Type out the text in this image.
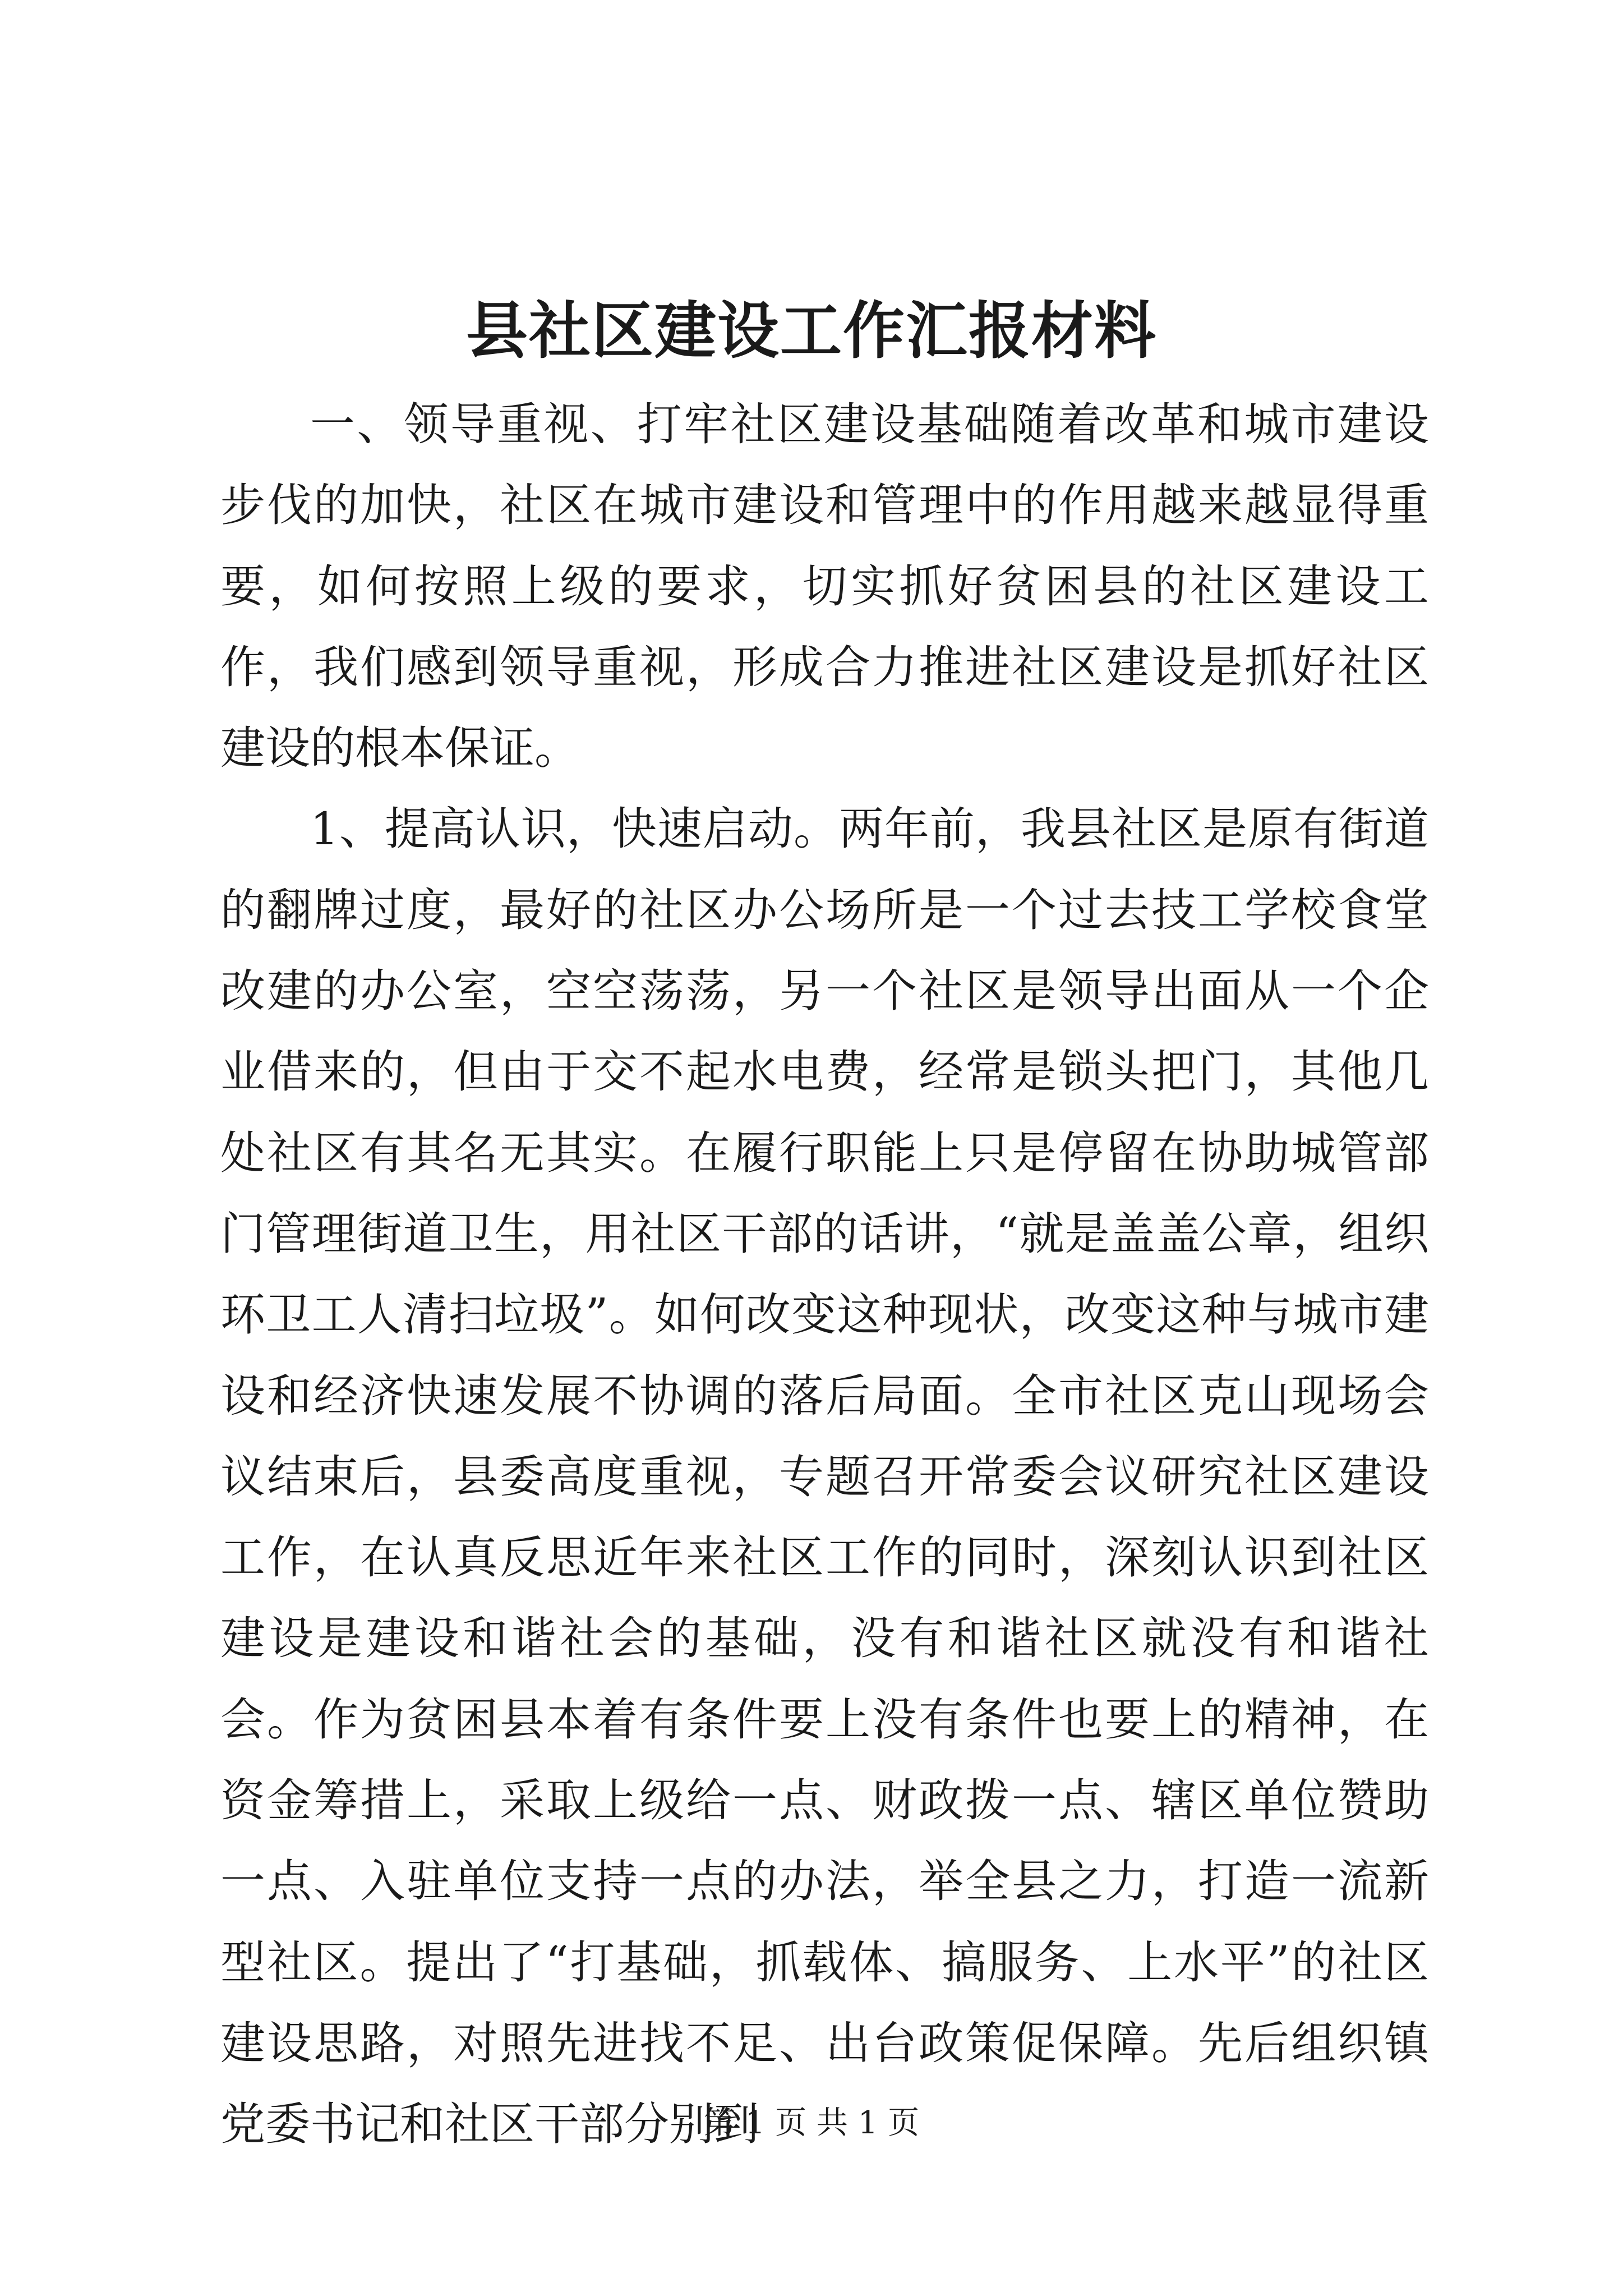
县社区建设工作汇报材料

一、领导重视、打牢社区建设基础随着改革和城市建设步伐的加快，社区在城市建设和管理中的作用越来越显得重要，如何按照上级的要求，切实抓好贫困县的社区建设工作，我们感到领导重视，形成合力推进社区建设是抓好社区建设的根本保证。

1、提高认识，快速启动。两年前，我县社区是原有街道的翻牌过度，最好的社区办公场所是一个过去技工学校食堂改建的办公室，空空荡荡，另一个社区是领导出面从一个企业借来的，但由于交不起水电费，经常是锁头把门，其他几处社区有其名无其实。在履行职能上只是停留在协助城管部门管理街道卫生，用社区干部的话讲，“就是盖盖公章，组织环卫工人清扫垃圾”。如何改变这种现状，改变这种与城市建设和经济快速发展不协调的落后局面。全市社区克山现场会议结束后，县委高度重视，专题召开常委会议研究社区建设工作，在认真反思近年来社区工作的同时，深刻认识到社区建设是建设和谐社会的基础，没有和谐社区就没有和谐社会。作为贫困县本着有条件要上没有条件也要上的精神，在资金筹措上，采取上级给一点、财政拨一点、辖区单位赞助一点、入驻单位支持一点的办法，举全县之力，打造一流新型社区。提出了“打基础，抓载体、搞服务、上水平”的社区建设思路，对照先进找不足、出台政策促保障。先后组织镇党委书记和社区干部分别到

第 1 页 共 1 页
